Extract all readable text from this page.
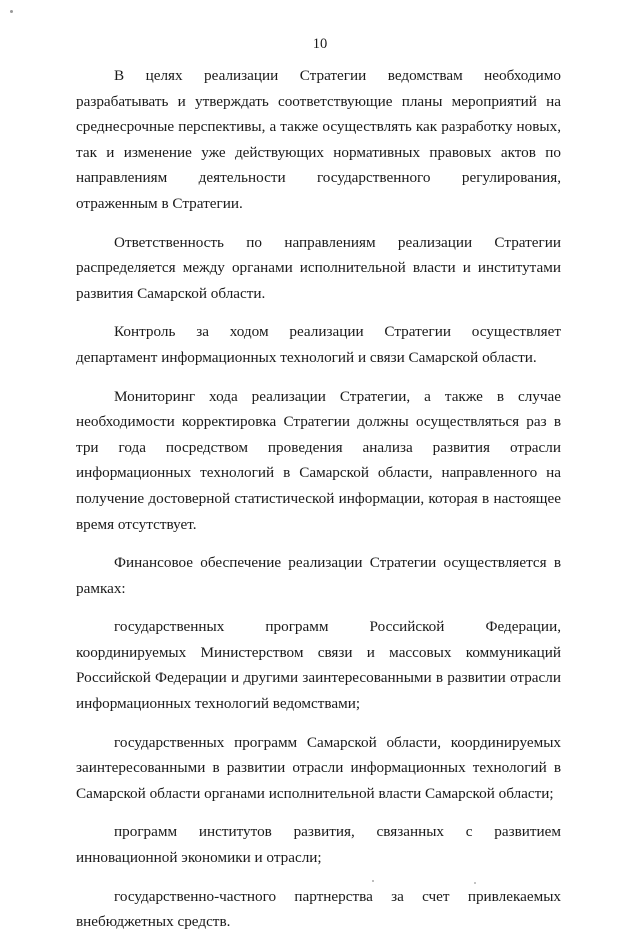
10

В целях реализации Стратегии ведомствам необходимо разрабатывать и утверждать соответствующие планы мероприятий на среднесрочные перспективы, а также осуществлять как разработку новых, так и изменение уже действующих нормативных правовых актов по направлениям деятельности государственного регулирования, отраженным в Стратегии.

Ответственность по направлениям реализации Стратегии распределяется между органами исполнительной власти и институтами развития Самарской области.

Контроль за ходом реализации Стратегии осуществляет департамент информационных технологий и связи Самарской области.

Мониторинг хода реализации Стратегии, а также в случае необходимости корректировка Стратегии должны осуществляться раз в три года посредством проведения анализа развития отрасли информационных технологий в Самарской области, направленного на получение достоверной статистической информации, которая в настоящее время отсутствует.

Финансовое обеспечение реализации Стратегии осуществляется в рамках:

государственных программ Российской Федерации, координируемых Министерством связи и массовых коммуникаций Российской Федерации и другими заинтересованными в развитии отрасли информационных технологий ведомствами;

государственных программ Самарской области, координируемых заинтересованными в развитии отрасли информационных технологий в Самарской области органами исполнительной власти Самарской области;

программ институтов развития, связанных с развитием инновационной экономики и отрасли;

государственно-частного партнерства за счет привлекаемых внебюджетных средств.
